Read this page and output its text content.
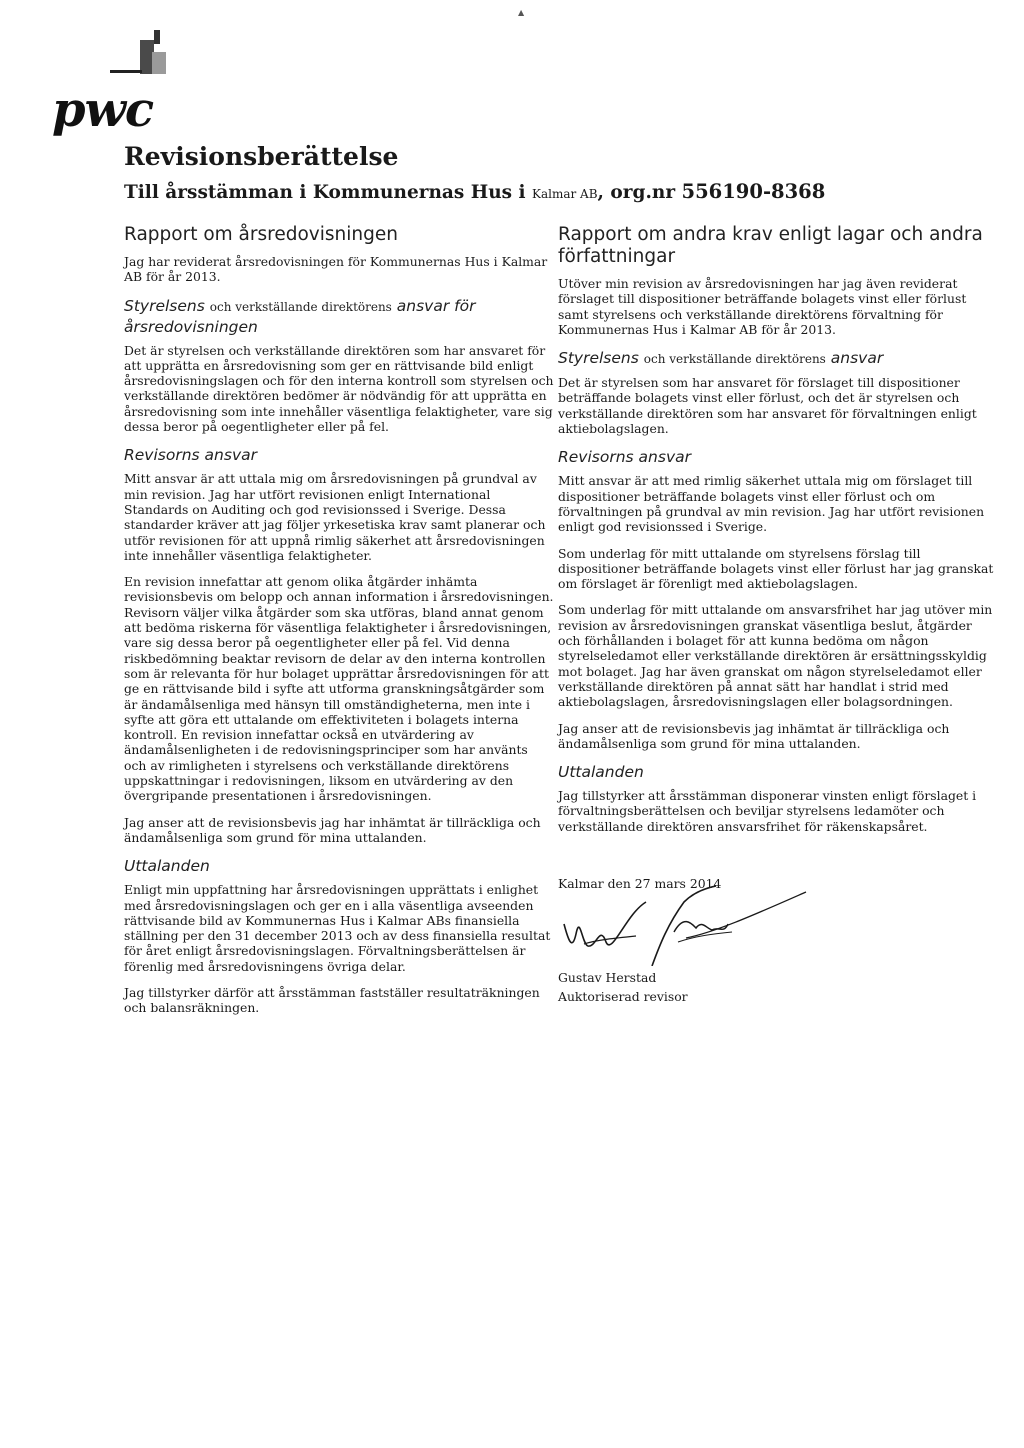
▲
pwc
Revisionsberättelse
Till årsstämman i Kommunernas Hus i Kalmar AB, org.nr 556190-8368
Rapport om årsredovisningen

Jag har reviderat årsredovisningen för Kommunernas Hus i Kalmar AB för år 2013.

Styrelsens och verkställande direktörens ansvar för årsredovisningen

Det är styrelsen och verkställande direktören som har ansvaret för att upprätta en årsredovisning som ger en rättvisande bild enligt årsredovisningslagen och för den interna kontroll som styrelsen och verkställande direktören bedömer är nödvändig för att upprätta en årsredovisning som inte innehåller väsentliga felaktigheter, vare sig dessa beror på oegentligheter eller på fel.

Revisorns ansvar

Mitt ansvar är att uttala mig om årsredovisningen på grundval av min revision. Jag har utfört revisionen enligt International Standards on Auditing och god revisionssed i Sverige. Dessa standarder kräver att jag följer yrkesetiska krav samt planerar och utför revisionen för att uppnå rimlig säkerhet att årsredovisningen inte innehåller väsentliga felaktigheter.

En revision innefattar att genom olika åtgärder inhämta revisionsbevis om belopp och annan information i årsredovisningen. Revisorn väljer vilka åtgärder som ska utföras, bland annat genom att bedöma riskerna för väsentliga felaktigheter i årsredovisningen, vare sig dessa beror på oegentligheter eller på fel. Vid denna riskbedömning beaktar revisorn de delar av den interna kontrollen som är relevanta för hur bolaget upprättar årsredovisningen för att ge en rättvisande bild i syfte att utforma granskningsåtgärder som är ändamålsenliga med hänsyn till omständigheterna, men inte i syfte att göra ett uttalande om effektiviteten i bolagets interna kontroll. En revision innefattar också en utvärdering av ändamålsenligheten i de redovisningsprinciper som har använts och av rimligheten i styrelsens och verkställande direktörens uppskattningar i redovisningen, liksom en utvärdering av den övergripande presentationen i årsredovisningen.

Jag anser att de revisionsbevis jag har inhämtat är tillräckliga och ändamålsenliga som grund för mina uttalanden.

Uttalanden

Enligt min uppfattning har årsredovisningen upprättats i enlighet med årsredovisningslagen och ger en i alla väsentliga avseenden rättvisande bild av Kommunernas Hus i Kalmar ABs finansiella ställning per den 31 december 2013 och av dess finansiella resultat för året enligt årsredovisningslagen. Förvaltningsberättelsen är förenlig med årsredovisningens övriga delar.

Jag tillstyrker därför att årsstämman fastställer resultaträkningen och balansräkningen.

Rapport om andra krav enligt lagar och andra författningar

Utöver min revision av årsredovisningen har jag även reviderat förslaget till dispositioner beträffande bolagets vinst eller förlust samt styrelsens och verkställande direktörens förvaltning för Kommunernas Hus i Kalmar AB för år 2013.

Styrelsens och verkställande direktörens ansvar

Det är styrelsen som har ansvaret för förslaget till dispositioner beträffande bolagets vinst eller förlust, och det är styrelsen och verkställande direktören som har ansvaret för förvaltningen enligt aktiebolagslagen.

Revisorns ansvar

Mitt ansvar är att med rimlig säkerhet uttala mig om förslaget till dispositioner beträffande bolagets vinst eller förlust och om förvaltningen på grundval av min revision. Jag har utfört revisionen enligt god revisionssed i Sverige.

Som underlag för mitt uttalande om styrelsens förslag till dispositioner beträffande bolagets vinst eller förlust har jag granskat om förslaget är förenligt med aktiebolagslagen.

Som underlag för mitt uttalande om ansvarsfrihet har jag utöver min revision av årsredovisningen granskat väsentliga beslut, åtgärder och förhållanden i bolaget för att kunna bedöma om någon styrelseledamot eller verkställande direktören är ersättningsskyldig mot bolaget. Jag har även granskat om någon styrelseledamot eller verkställande direktören på annat sätt har handlat i strid med aktiebolagslagen, årsredovisningslagen eller bolagsordningen.

Jag anser att de revisionsbevis jag inhämtat är tillräckliga och ändamålsenliga som grund för mina uttalanden.

Uttalanden

Jag tillstyrker att årsstämman disponerar vinsten enligt förslaget i förvaltningsberättelsen och beviljar styrelsens ledamöter och verkställande direktören ansvarsfrihet för räkenskapsåret.

Kalmar den 27 mars 2014
Gustav Herstad
Auktoriserad revisor
